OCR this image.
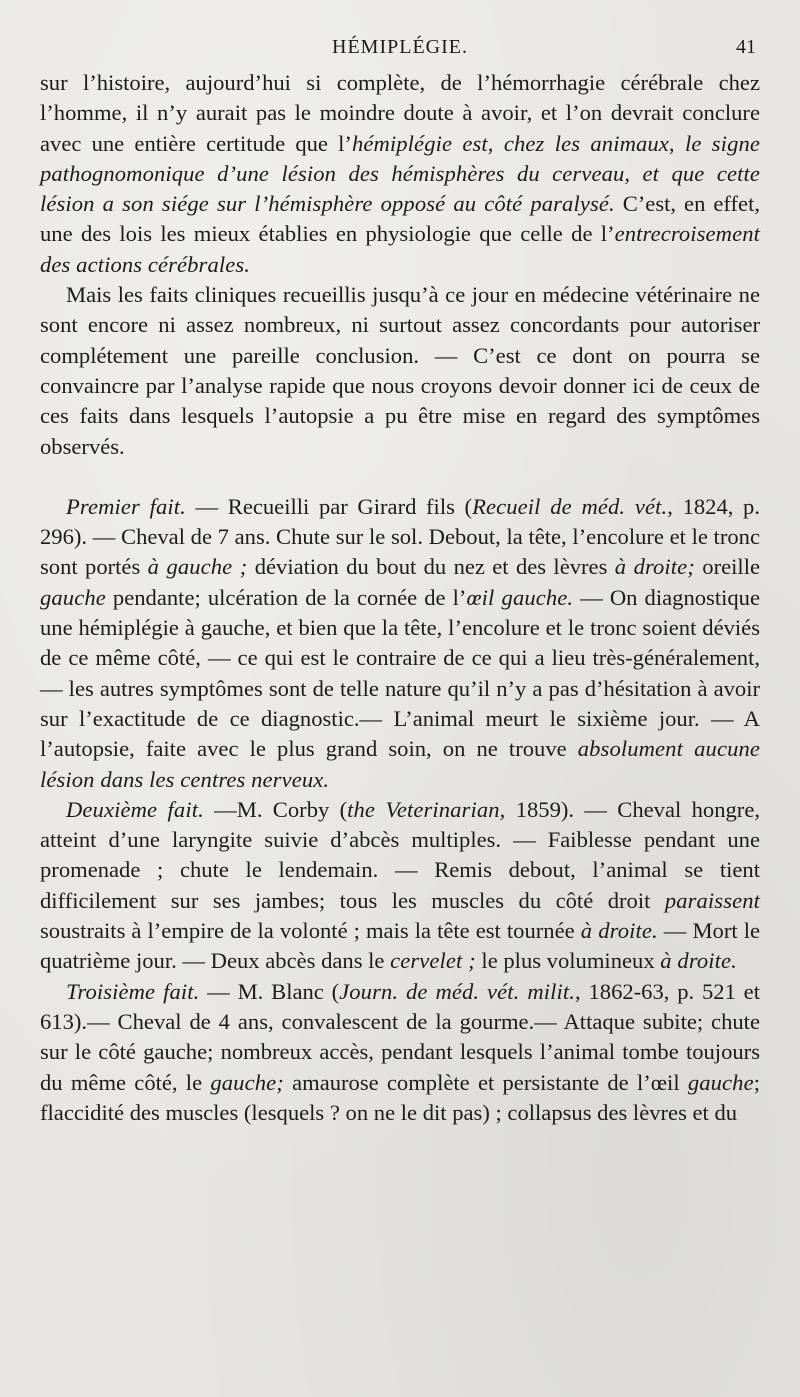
HÉMIPLÉGIE.	41

sur l’histoire, aujourd’hui si complète, de l’hémorrhagie cérébrale chez l’homme, il n’y aurait pas le moindre doute à avoir, et l’on devrait conclure avec une entière certitude que l’hémiplégie est, chez les animaux, le signe pathognomonique d’une lésion des hémisphères du cerveau, et que cette lésion a son siége sur l’hémisphère opposé au côté paralysé. C’est, en effet, une des lois les mieux établies en physiologie que celle de l’entrecroisement des actions cérébrales.

Mais les faits cliniques recueillis jusqu’à ce jour en médecine vétérinaire ne sont encore ni assez nombreux, ni surtout assez concordants pour autoriser complétement une pareille conclusion. — C’est ce dont on pourra se convaincre par l’analyse rapide que nous croyons devoir donner ici de ceux de ces faits dans lesquels l’autopsie a pu être mise en regard des symptômes observés.

Premier fait. — Recueilli par Girard fils (Recueil de méd. vét., 1824, p. 296). — Cheval de 7 ans. Chute sur le sol. Debout, la tête, l’encolure et le tronc sont portés à gauche ; déviation du bout du nez et des lèvres à droite; oreille gauche pendante; ulcération de la cornée de l’œil gauche. — On diagnostique une hémiplégie à gauche, et bien que la tête, l’encolure et le tronc soient déviés de ce même côté, — ce qui est le contraire de ce qui a lieu très-généralement, — les autres symptômes sont de telle nature qu’il n’y a pas d’hésitation à avoir sur l’exactitude de ce diagnostic.— L’animal meurt le sixième jour. — A l’autopsie, faite avec le plus grand soin, on ne trouve absolument aucune lésion dans les centres nerveux.

Deuxième fait. —M. Corby (the Veterinarian, 1859). — Cheval hongre, atteint d’une laryngite suivie d’abcès multiples. — Faiblesse pendant une promenade ; chute le lendemain. — Remis debout, l’animal se tient difficilement sur ses jambes; tous les muscles du côté droit paraissent soustraits à l’empire de la volonté ; mais la tête est tournée à droite. — Mort le quatrième jour. — Deux abcès dans le cervelet ; le plus volumineux à droite.

Troisième fait. — M. Blanc (Journ. de méd. vét. milit., 1862-63, p. 521 et 613).— Cheval de 4 ans, convalescent de la gourme.— Attaque subite; chute sur le côté gauche; nombreux accès, pendant lesquels l’animal tombe toujours du même côté, le gauche; amaurose complète et persistante de l’œil gauche; flaccidité des muscles (lesquels ? on ne le dit pas) ; collapsus des lèvres et du
